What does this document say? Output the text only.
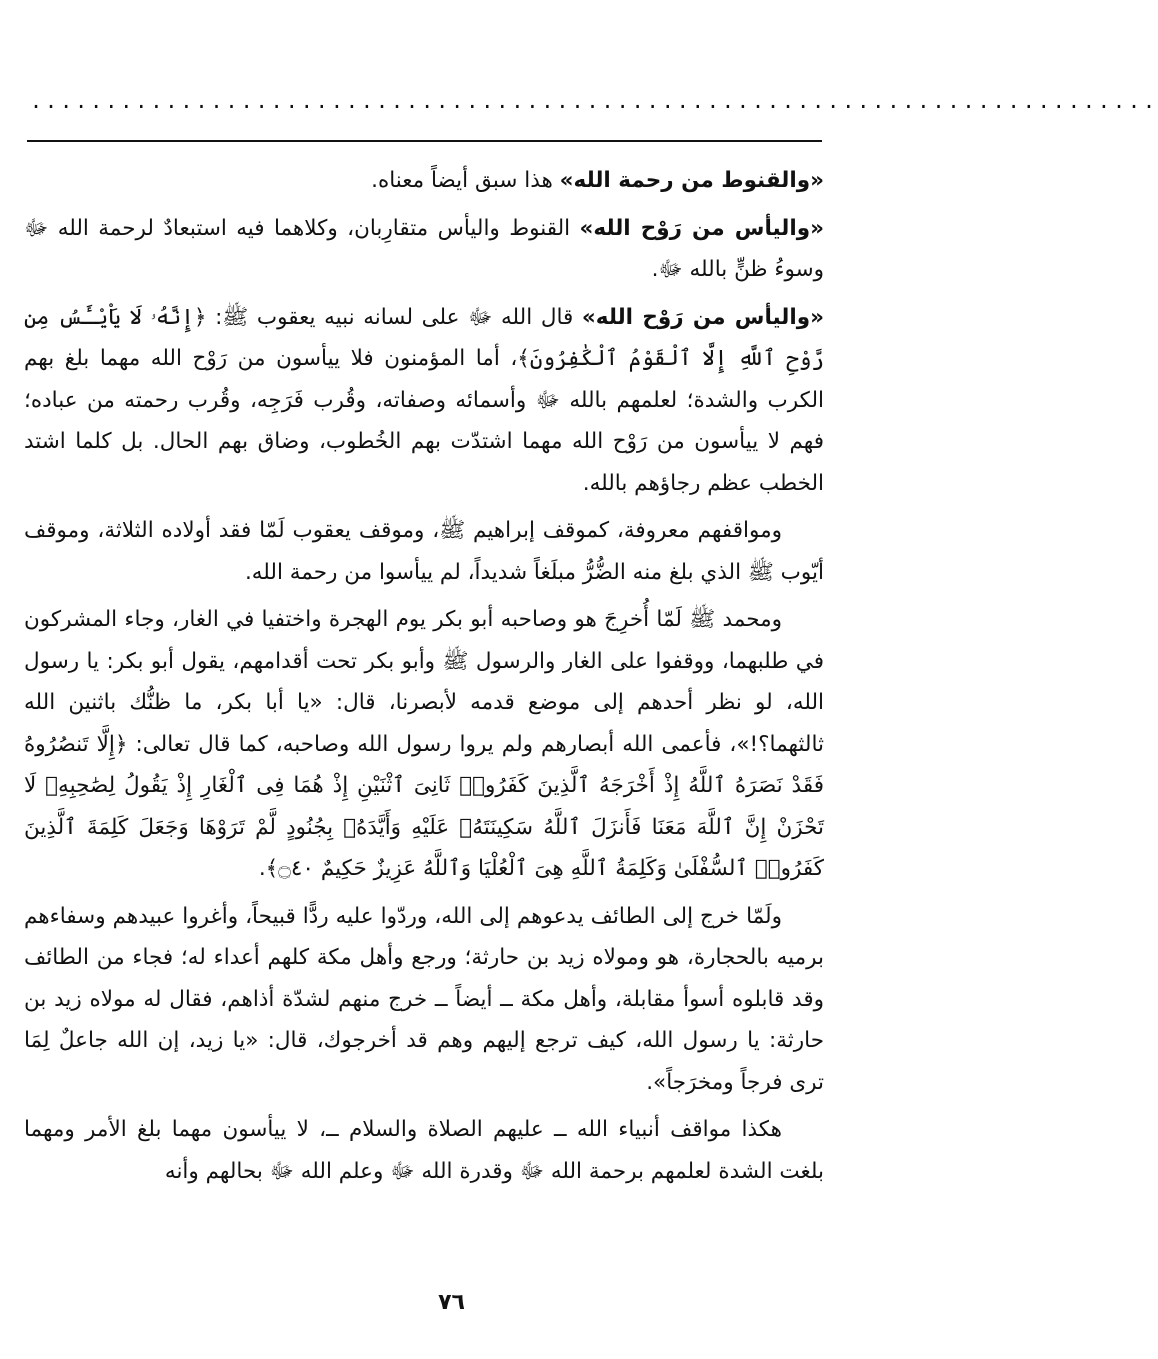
...........................................................................

«والقنوط من رحمة الله» هذا سبق أيضاً معناه.

«واليأس من رَوْح الله» القنوط واليأس متقارِبان، وكلاهما فيه استبعادٌ لرحمة الله ﷻ وسوءُ ظنٍّ بالله ﷻ.

«واليأس من رَوْح الله» قال الله ﷻ على لسانه نبيه يعقوب ﷺ: ﴿إِنَّهُۥ لَا يَاْيْـَٔسُ مِن رَّوْحِ ٱللَّهِ إِلَّا ٱلْقَوْمُ ٱلْكَٰفِرُونَ﴾، أما المؤمنون فلا ييأسون من رَوْح الله مهما بلغ بهم الكرب والشدة؛ لعلمهم بالله ﷻ وأسمائه وصفاته، وقُرب فَرَجِه، وقُرب رحمته من عباده؛ فهم لا ييأسون من رَوْح الله مهما اشتدّت بهم الخُطوب، وضاق بهم الحال. بل كلما اشتد الخطب عظم رجاؤهم بالله.

ومواقفهم معروفة، كموقف إبراهيم ﷺ، وموقف يعقوب لَمّا فقد أولاده الثلاثة، وموقف أيّوب ﷺ الذي بلغ منه الضُّرُّ مبلَغاً شديداً، لم ييأسوا من رحمة الله.

ومحمد ﷺ لَمّا أُخرِجَ هو وصاحبه أبو بكر يوم الهجرة واختفيا في الغار، وجاء المشركون في طلبهما، ووقفوا على الغار والرسول ﷺ وأبو بكر تحت أقدامهم، يقول أبو بكر: يا رسول الله، لو نظر أحدهم إلى موضع قدمه لأبصرنا، قال: «يا أبا بكر، ما ظنُّك باثنين الله ثالثهما؟!»، فأعمى الله أبصارهم ولم يروا رسول الله وصاحبه، كما قال تعالى: ﴿إِلَّا تَنصُرُوهُ فَقَدْ نَصَرَهُ ٱللَّهُ إِذْ أَخْرَجَهُ ٱلَّذِينَ كَفَرُوا۟ ثَانِىَ ٱثْنَيْنِ إِذْ هُمَا فِى ٱلْغَارِ إِذْ يَقُولُ لِصَٰحِبِهِۦ لَا تَحْزَنْ إِنَّ ٱللَّهَ مَعَنَا فَأَنزَلَ ٱللَّهُ سَكِينَتَهُۥ عَلَيْهِ وَأَيَّدَهُۥ بِجُنُودٍ لَّمْ تَرَوْهَا وَجَعَلَ كَلِمَةَ ٱلَّذِينَ كَفَرُوا۟ ٱلسُّفْلَىٰ وَكَلِمَةُ ٱللَّهِ هِىَ ٱلْعُلْيَا وَٱللَّهُ عَزِيزٌ حَكِيمٌ ۝٤٠﴾.

ولَمّا خرج إلى الطائف يدعوهم إلى الله، وردّوا عليه ردًّا قبيحاً، وأغروا عبيدهم وسفاءهم برميه بالحجارة، هو ومولاه زيد بن حارثة؛ ورجع وأهل مكة كلهم أعداء له؛ فجاء من الطائف وقد قابلوه أسوأ مقابلة، وأهل مكة ــ أيضاً ــ خرج منهم لشدّة أذاهم، فقال له مولاه زيد بن حارثة: يا رسول الله، كيف ترجع إليهم وهم قد أخرجوك، قال: «يا زيد، إن الله جاعلٌ لِمَا ترى فرجاً ومخرَجاً».

هكذا مواقف أنبياء الله ــ عليهم الصلاة والسلام ــ، لا ييأسون مهما بلغ الأمر ومهما بلغت الشدة لعلمهم برحمة الله ﷻ وقدرة الله ﷻ وعلم الله ﷻ بحالهم وأنه

٧٦
